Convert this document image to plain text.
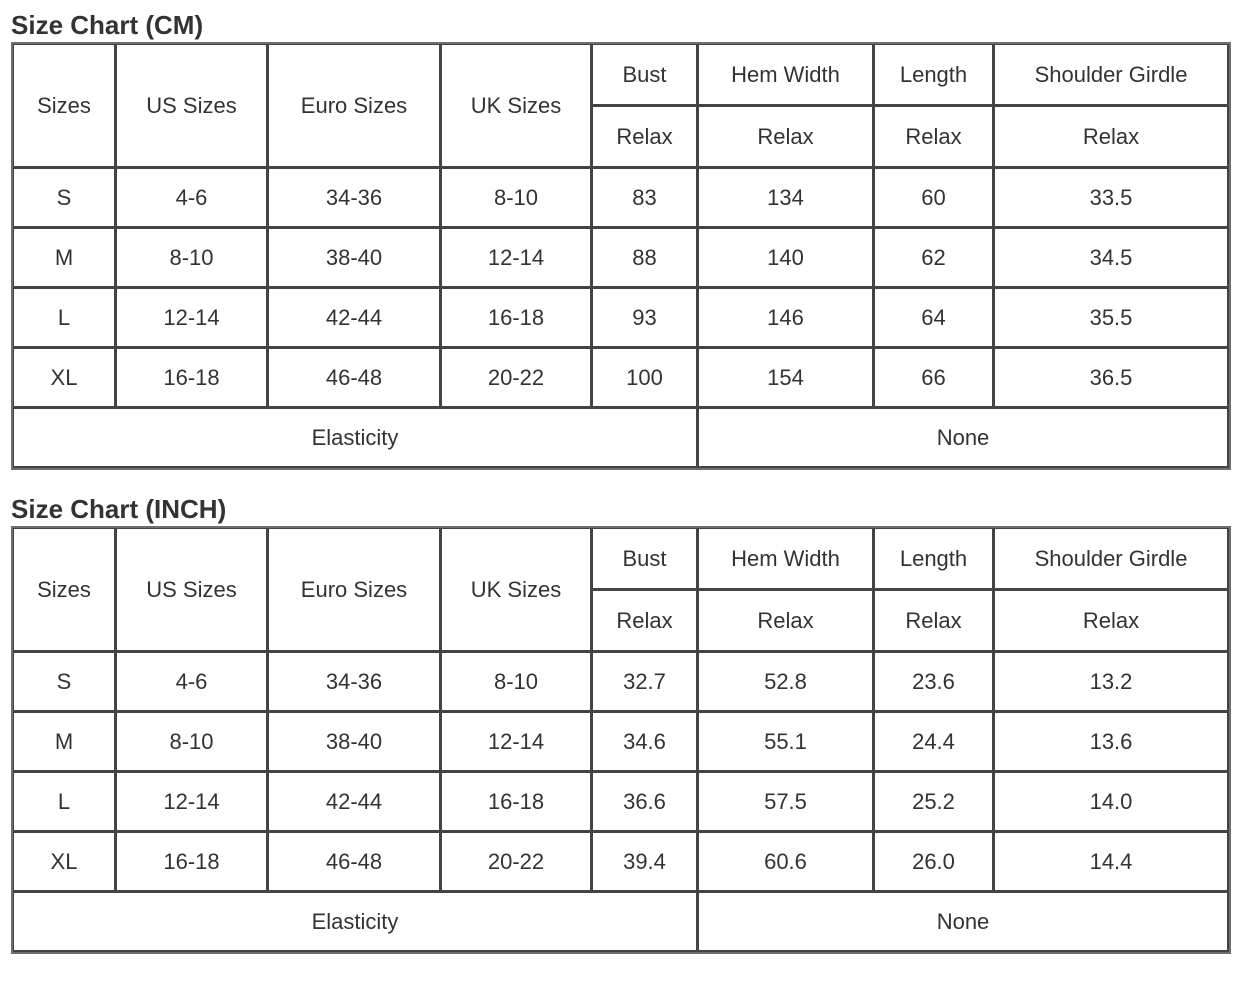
Size Chart (CM)
Sizes	US Sizes	Euro Sizes	UK Sizes	Bust	Hem Width	Length	Shoulder Girdle
				Relax	Relax	Relax	Relax
S	4-6	34-36	8-10	83	134	60	33.5
M	8-10	38-40	12-14	88	140	62	34.5
L	12-14	42-44	16-18	93	146	64	35.5
XL	16-18	46-48	20-22	100	154	66	36.5
Elasticity					None		
Size Chart (INCH)
Sizes	US Sizes	Euro Sizes	UK Sizes	Bust	Hem Width	Length	Shoulder Girdle
				Relax	Relax	Relax	Relax
S	4-6	34-36	8-10	32.7	52.8	23.6	13.2
M	8-10	38-40	12-14	34.6	55.1	24.4	13.6
L	12-14	42-44	16-18	36.6	57.5	25.2	14.0
XL	16-18	46-48	20-22	39.4	60.6	26.0	14.4
Elasticity					None		
